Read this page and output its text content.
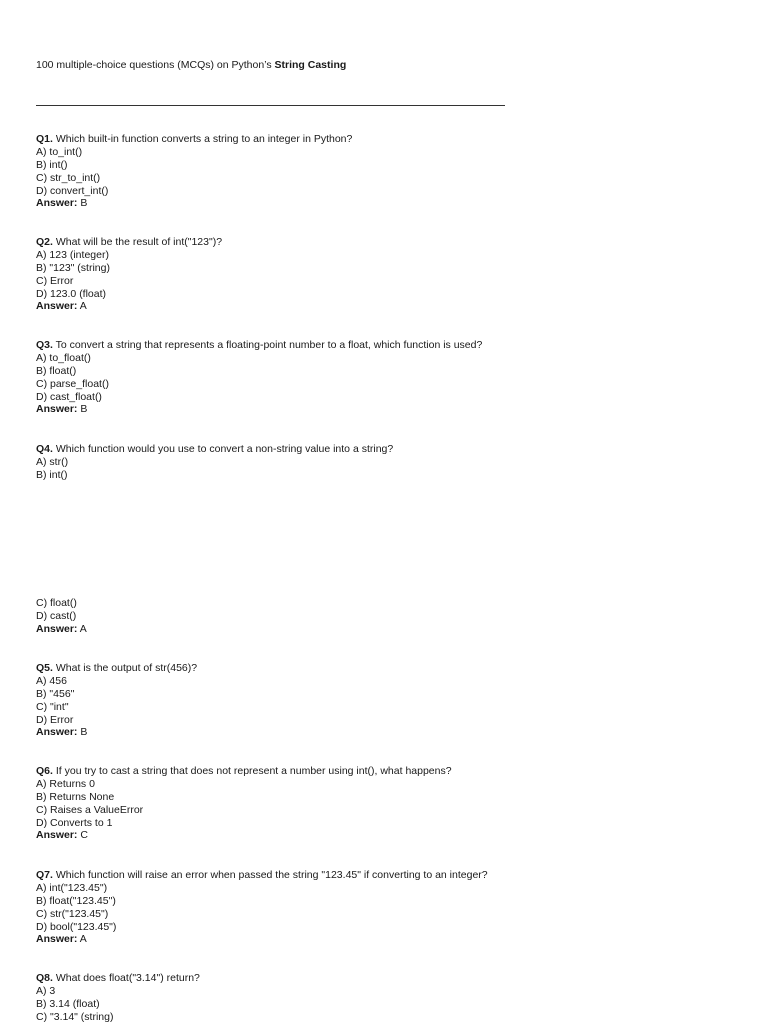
100 multiple-choice questions (MCQs) on Python’s String Casting
Q1. Which built-in function converts a string to an integer in Python?
A) to_int()
B) int()
C) str_to_int()
D) convert_int()
Answer: B
Q2. What will be the result of int("123")?
A) 123 (integer)
B) "123" (string)
C) Error
D) 123.0 (float)
Answer: A
Q3. To convert a string that represents a floating-point number to a float, which function is used?
A) to_float()
B) float()
C) parse_float()
D) cast_float()
Answer: B
Q4. Which function would you use to convert a non-string value into a string?
A) str()
B) int()
C) float()
D) cast()
Answer: A
Q5. What is the output of str(456)?
A) 456
B) "456"
C) "int"
D) Error
Answer: B
Q6. If you try to cast a string that does not represent a number using int(), what happens?
A) Returns 0
B) Returns None
C) Raises a ValueError
D) Converts to 1
Answer: C
Q7. Which function will raise an error when passed the string "123.45" if converting to an integer?
A) int("123.45")
B) float("123.45")
C) str("123.45")
D) bool("123.45")
Answer: A
Q8. What does float("3.14") return?
A) 3
B) 3.14 (float)
C) "3.14" (string)
